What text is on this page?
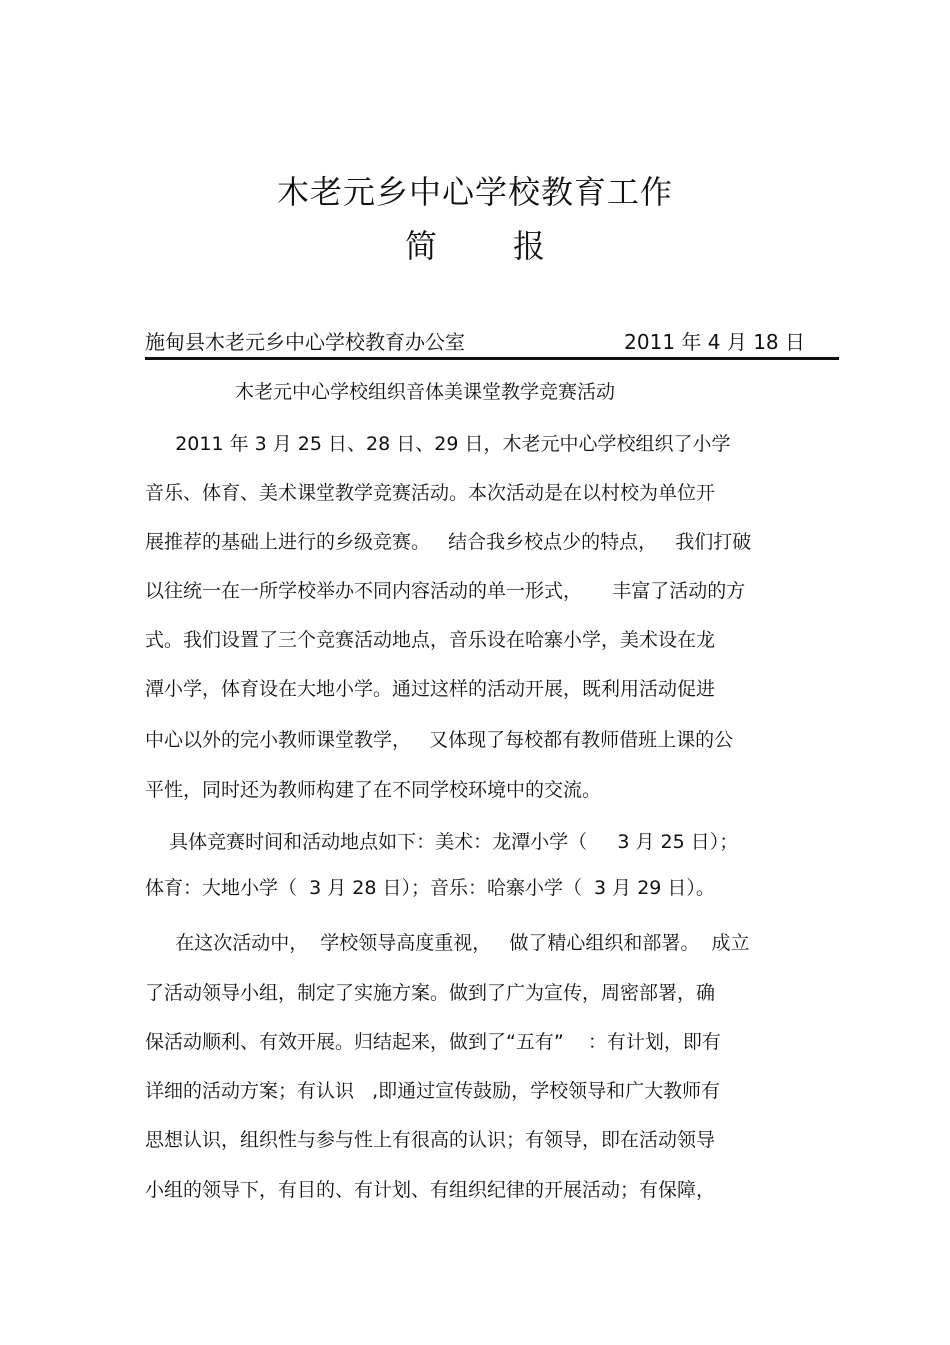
木老元乡中心学校教育工作
简 报
施甸县木老元乡中心学校教育办公室	2011 年 4 月 18 日
木老元中心学校组织音体美课堂教学竞赛活动
2011 年 3 月 25 日、28 日、29 日，木老元中心学校组织了小学
音乐、体育、美术课堂教学竞赛活动。本次活动是在以村校为单位开
展推荐的基础上进行的乡级竞赛。   结合我乡校点少的特点，   我们打破
以往统一在一所学校举办不同内容活动的单一形式，     丰富了活动的方
式。我们设置了三个竞赛活动地点，音乐设在哈寨小学，美术设在龙
潭小学，体育设在大地小学。通过这样的活动开展，既利用活动促进
中心以外的完小教师课堂教学，   又体现了每校都有教师借班上课的公
平性，同时还为教师构建了在不同学校环境中的交流。
具体竞赛时间和活动地点如下：美术：龙潭小学（     3 月 25 日）；
体育：大地小学（  3 月 28 日）；音乐：哈寨小学（  3 月 29 日）。
在这次活动中，  学校领导高度重视，   做了精心组织和部署。  成立
了活动领导小组，制定了实施方案。做到了广为宣传，周密部署，确
保活动顺利、有效开展。归结起来，做到了“五有”    ：有计划，即有
详细的活动方案；有认识   ,即通过宣传鼓励，学校领导和广大教师有
思想认识，组织性与参与性上有很高的认识；有领导，即在活动领导
小组的领导下，有目的、有计划、有组织纪律的开展活动；有保障，
